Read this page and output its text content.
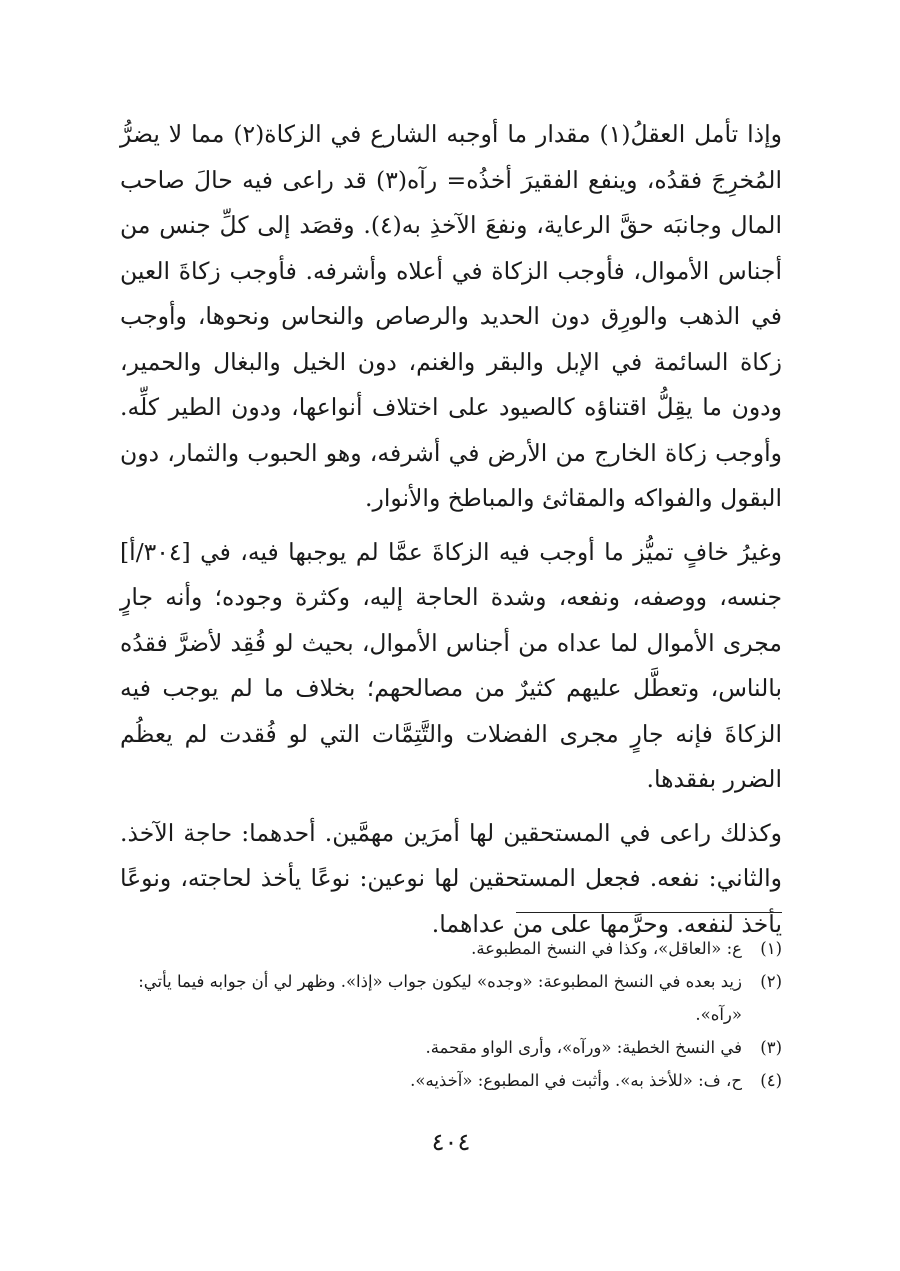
وإذا تأمل العقلُ(١) مقدار ما أوجبه الشارع في الزكاة(٢) مما لا يضرُّ المُخرِجَ فقدُه، وينفع الفقيرَ أخذُه= رآه(٣) قد راعى فيه حالَ صاحب المال وجانبَه حقَّ الرعاية، ونفعَ الآخذِ به(٤). وقصَد إلى كلِّ جنس من أجناس الأموال، فأوجب الزكاة في أعلاه وأشرفه. فأوجب زكاةَ العين في الذهب والورِق دون الحديد والرصاص والنحاس ونحوها، وأوجب زكاة السائمة في الإبل والبقر والغنم، دون الخيل والبغال والحمير، ودون ما يقِلُّ اقتناؤه كالصيود على اختلاف أنواعها، ودون الطير كلِّه. وأوجب زكاة الخارج من الأرض في أشرفه، وهو الحبوب والثمار، دون البقول والفواكه والمقاثئ والمباطخ والأنوار.

وغيرُ خافٍ تميُّز ما أوجب فيه الزكاةَ عمَّا لم يوجبها فيه، في [٣٠٤/أ] جنسه، ووصفه، ونفعه، وشدة الحاجة إليه، وكثرة وجوده؛ وأنه جارٍ مجرى الأموال لما عداه من أجناس الأموال، بحيث لو فُقِد لأضرَّ فقدُه بالناس، وتعطَّل عليهم كثيرٌ من مصالحهم؛ بخلاف ما لم يوجب فيه الزكاةَ فإنه جارٍ مجرى الفضلات والتَّتِمَّات التي لو فُقدت لم يعظُم الضرر بفقدها.

وكذلك راعى في المستحقين لها أمرَين مهمَّين. أحدهما: حاجة الآخذ. والثاني: نفعه. فجعل المستحقين لها نوعين: نوعًا يأخذ لحاجته، ونوعًا يأخذ لنفعه. وحرَّمها على من عداهما.

(١)
ع: «العاقل»، وكذا في النسخ المطبوعة.
(٢)
زيد بعده في النسخ المطبوعة: «وجده» ليكون جواب «إذا». وظهر لي أن جوابه فيما يأتي: «رآه».
(٣)
في النسخ الخطية: «ورآه»، وأرى الواو مقحمة.
(٤)
ح، ف: «للأخذ به». وأثبت في المطبوع: «آخذيه».
٤٠٤
